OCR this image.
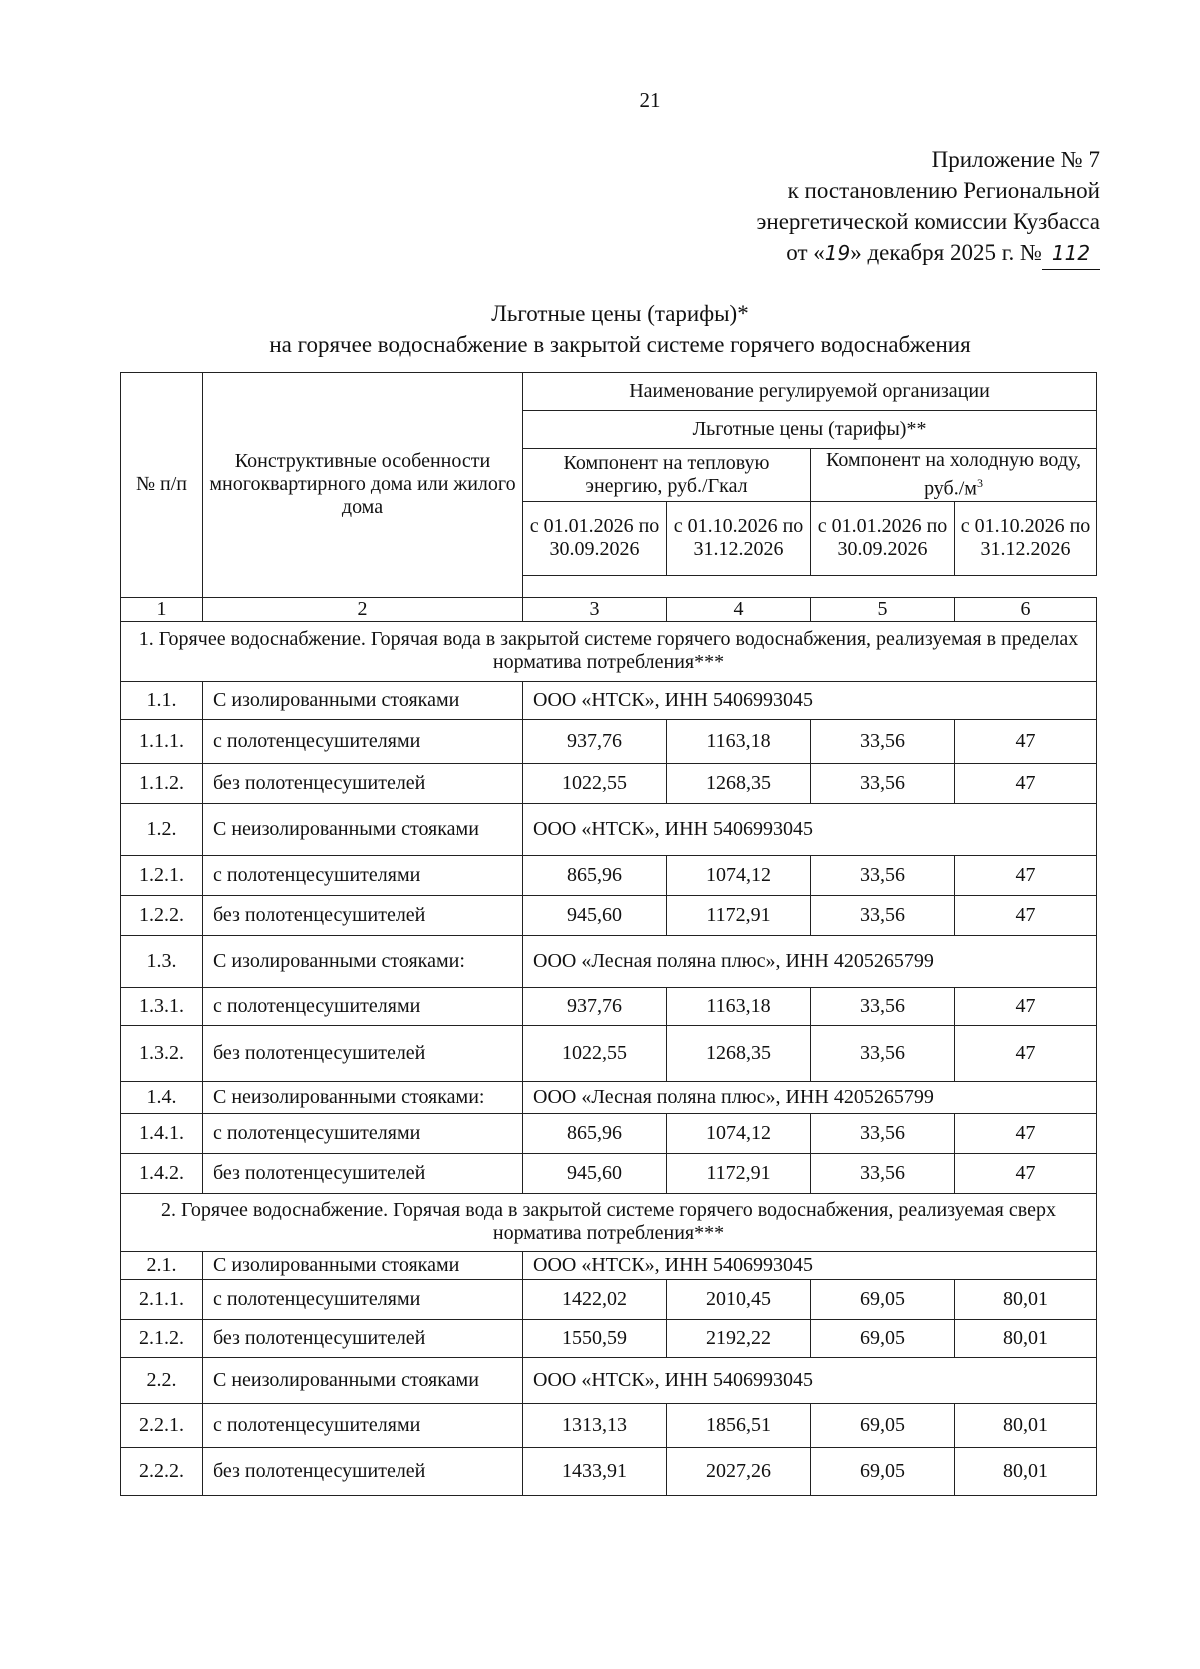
21
Приложение № 7
к постановлению Региональной
энергетической комиссии Кузбасса
от «19» декабря 2025 г. № 112
Льготные цены (тарифы)*
на горячее водоснабжение в закрытой системе горячего водоснабжения
№ п/п	Конструктивные особенности многоквартирного дома или жилого дома	Наименование регулируемой организации			
		Льготные цены (тарифы)**			
		Компонент на тепловую энергию, руб./Гкал		Компонент на холодную воду, $руб./м^3$
		с 01.01.2026 по 30.09.2026	с 01.10.2026 по 31.12.2026	с 01.01.2026 по 30.09.2026	с 01.10.2026 по 31.12.2026

1	2	3	4	5	6
1. Горячее водоснабжение. Горячая вода в закрытой системе горячего водоснабжения, реализуемая в пределах норматива потребления***					
1.1.	С изолированными стояками	ООО «НТСК», ИНН 5406993045			
1.1.1.	с полотенцесушителями	937,76	1163,18	33,56	47
1.1.2.	без полотенцесушителей	1022,55	1268,35	33,56	47
1.2.	С неизолированными стояками	ООО «НТСК», ИНН 5406993045			
1.2.1.	с полотенцесушителями	865,96	1074,12	33,56	47
1.2.2.	без полотенцесушителей	945,60	1172,91	33,56	47
1.3.	С изолированными стояками:	ООО «Лесная поляна плюс», ИНН 4205265799			
1.3.1.	с полотенцесушителями	937,76	1163,18	33,56	47
1.3.2.	без полотенцесушителей	1022,55	1268,35	33,56	47
1.4.	С неизолированными стояками:	ООО «Лесная поляна плюс», ИНН 4205265799			
1.4.1.	с полотенцесушителями	865,96	1074,12	33,56	47
1.4.2.	без полотенцесушителей	945,60	1172,91	33,56	47
2. Горячее водоснабжение. Горячая вода в закрытой системе горячего водоснабжения, реализуемая сверх норматива потребления***					
2.1.	С изолированными стояками	ООО «НТСК», ИНН 5406993045			
2.1.1.	с полотенцесушителями	1422,02	2010,45	69,05	80,01
2.1.2.	без полотенцесушителей	1550,59	2192,22	69,05	80,01
2.2.	С неизолированными стояками	ООО «НТСК», ИНН 5406993045			
2.2.1.	с полотенцесушителями	1313,13	1856,51	69,05	80,01
2.2.2.	без полотенцесушителей	1433,91	2027,26	69,05	80,01
